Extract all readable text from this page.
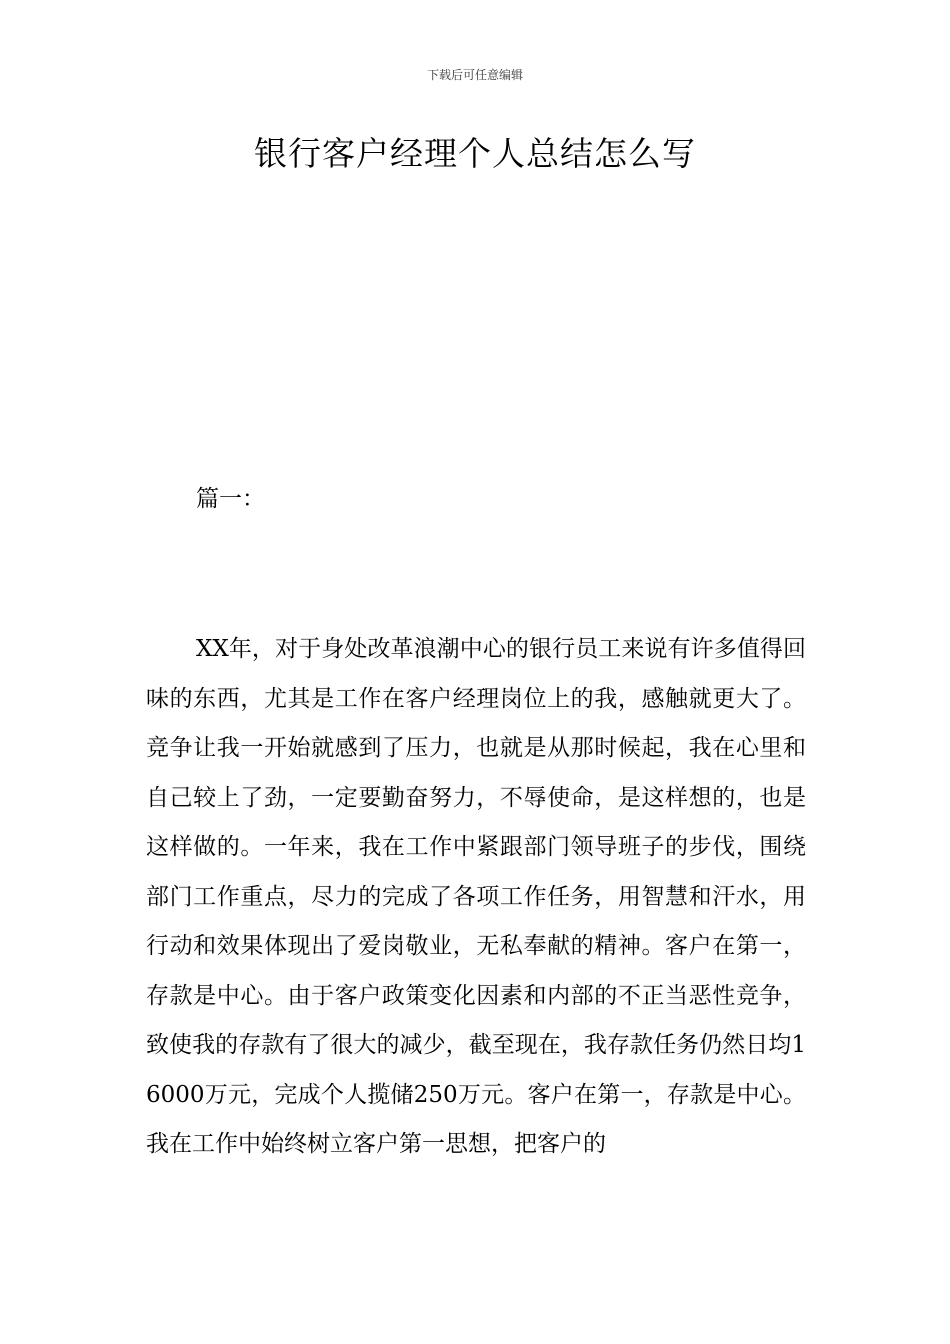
下载后可任意编辑
银行客户经理个人总结怎么写
篇一：

XX年，对于身处改革浪潮中心的银行员工来说有许多值得回味的东西，尤其是工作在客户经理岗位上的我，感触就更大了。竞争让我一开始就感到了压力，也就是从那时候起，我在心里和自己较上了劲，一定要勤奋努力，不辱使命，是这样想的，也是这样做的。一年来，我在工作中紧跟部门领导班子的步伐，围绕部门工作重点，尽力的完成了各项工作任务，用智慧和汗水，用行动和效果体现出了爱岗敬业，无私奉献的精神。客户在第一，存款是中心。由于客户政策变化因素和内部的不正当恶性竞争，致使我的存款有了很大的减少，截至现在，我存款任务仍然日均16000万元，完成个人揽储250万元。客户在第一，存款是中心。我在工作中始终树立客户第一思想，把客户的
